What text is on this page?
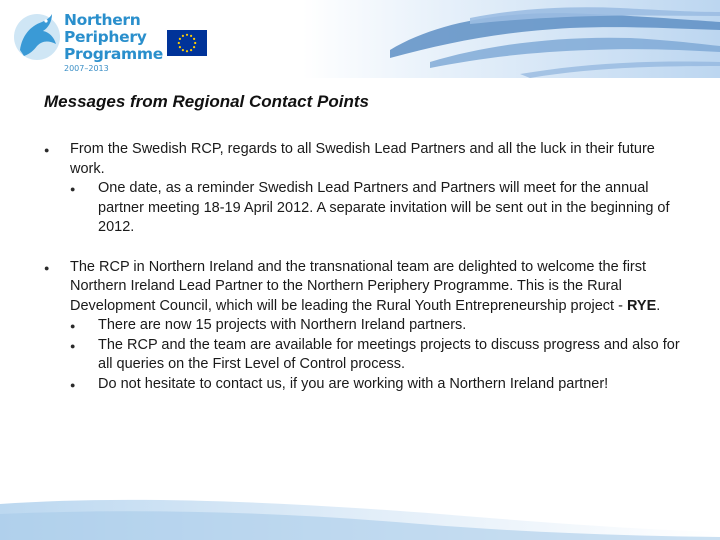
Northern
Periphery
Programme
2007–2013
Messages from Regional Contact Points
● From the Swedish RCP, regards to all Swedish Lead Partners and all the luck in their future work.
● One date, as a reminder Swedish Lead Partners and Partners will meet for the annual partner meeting 18-19 April 2012. A separate invitation will be sent out in the beginning of 2012.
● The RCP in Northern Ireland and the transnational team are delighted to welcome the first Northern Ireland Lead Partner to the Northern Periphery Programme. This is the Rural Development Council, which will be leading the Rural Youth Entrepreneurship project - RYE.
● There are now 15 projects with Northern Ireland partners.
● The RCP and the team are available for meetings projects to discuss progress and also for all queries on the First Level of Control process.
● Do not hesitate to contact us, if you are working with a Northern Ireland partner!
